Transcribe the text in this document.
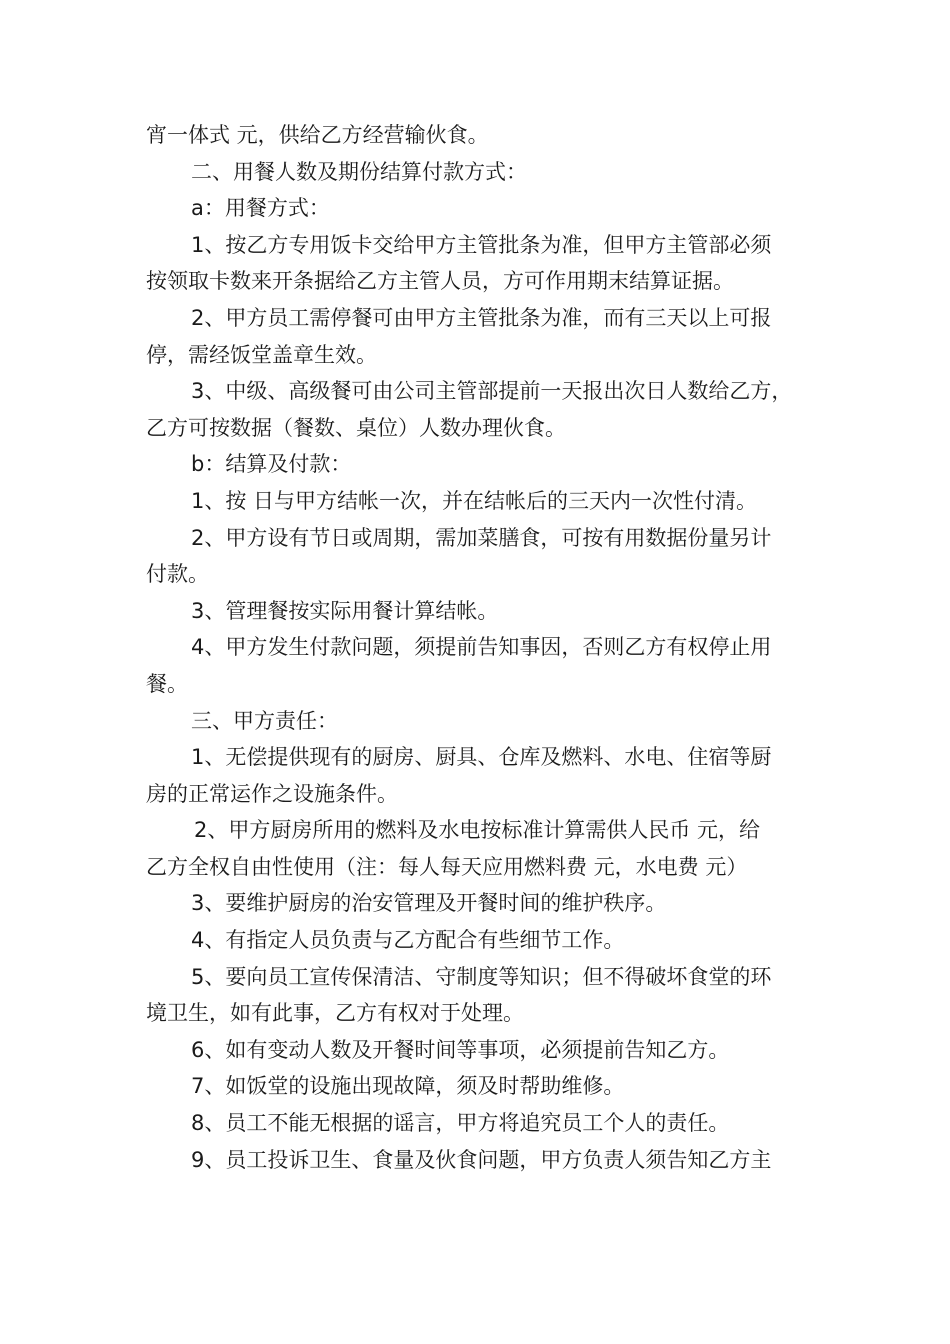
宵一体式 元，供给乙方经营输伙食。
二、用餐人数及期份结算付款方式：
a：用餐方式：
1、按乙方专用饭卡交给甲方主管批条为准，但甲方主管部必须
按领取卡数来开条据给乙方主管人员，方可作用期末结算证据。
2、甲方员工需停餐可由甲方主管批条为准，而有三天以上可报
停，需经饭堂盖章生效。
3、中级、高级餐可由公司主管部提前一天报出次日人数给乙方，
乙方可按数据（餐数、桌位）人数办理伙食。
b：结算及付款：
1、按 日与甲方结帐一次，并在结帐后的三天内一次性付清。
2、甲方设有节日或周期，需加菜膳食，可按有用数据份量另计
付款。
3、管理餐按实际用餐计算结帐。
4、甲方发生付款问题，须提前告知事因，否则乙方有权停止用
餐。
三、甲方责任：
1、无偿提供现有的厨房、厨具、仓库及燃料、水电、住宿等厨
房的正常运作之设施条件。
2、甲方厨房所用的燃料及水电按标准计算需供人民币 元，给
乙方全权自由性使用（注：每人每天应用燃料费 元，水电费 元）
3、要维护厨房的治安管理及开餐时间的维护秩序。
4、有指定人员负责与乙方配合有些细节工作。
5、要向员工宣传保清洁、守制度等知识；但不得破坏食堂的环
境卫生，如有此事，乙方有权对于处理。
6、如有变动人数及开餐时间等事项，必须提前告知乙方。
7、如饭堂的设施出现故障，须及时帮助维修。
8、员工不能无根据的谣言，甲方将追究员工个人的责任。
9、员工投诉卫生、食量及伙食问题，甲方负责人须告知乙方主
